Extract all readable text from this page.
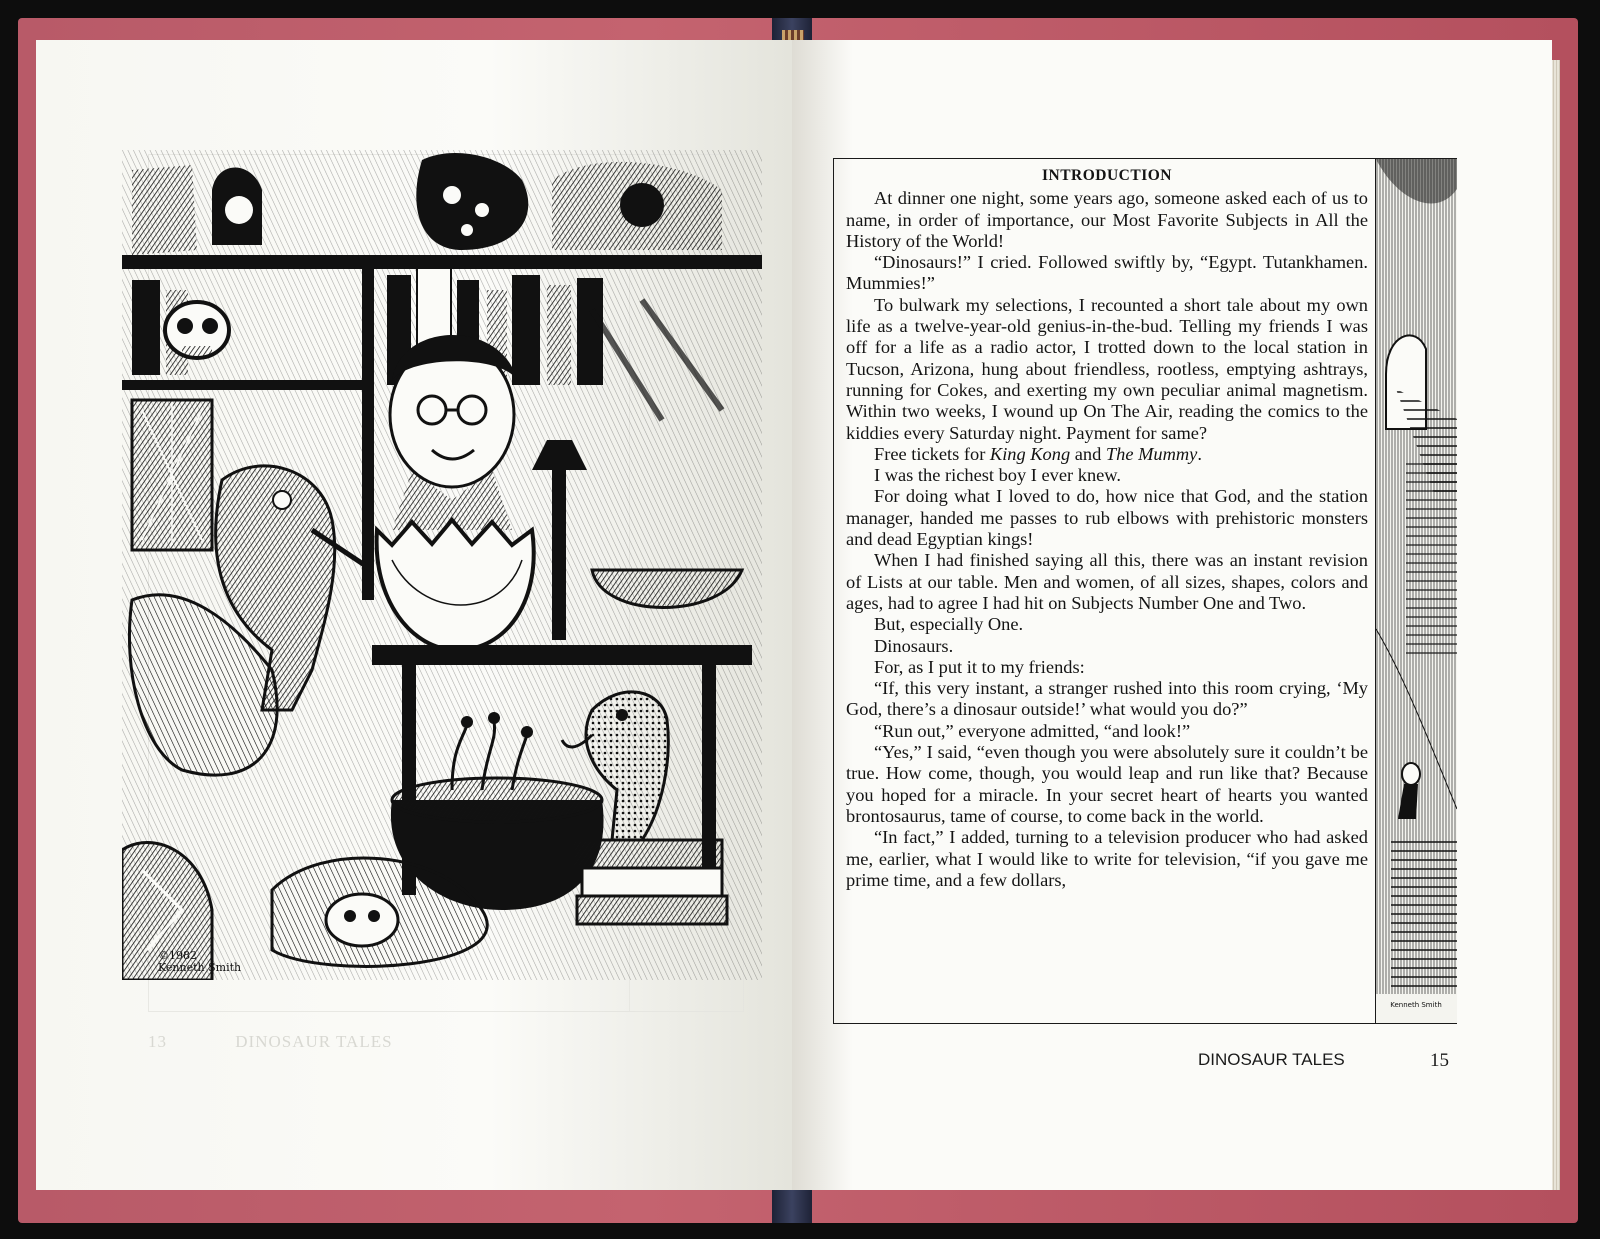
©1982
Kenneth Smith
13	DINOSAUR TALES
INTRODUCTION

At dinner one night, some years ago, someone asked each of us to name, in order of importance, our Most Favorite Subjects in All the History of the World!

“Dinosaurs!” I cried. Followed swiftly by, “Egypt. Tutankhamen. Mummies!”

To bulwark my selections, I recounted a short tale about my own life as a twelve-year-old genius-in-the-bud. Telling my friends I was off for a life as a radio actor, I trotted down to the local station in Tucson, Arizona, hung about friendless, rootless, emptying ashtrays, running for Cokes, and exerting my own peculiar animal magnetism. Within two weeks, I wound up On The Air, reading the comics to the kiddies every Saturday night. Payment for same?

Free tickets for King Kong and The Mummy.

I was the richest boy I ever knew.

For doing what I loved to do, how nice that God, and the station manager, handed me passes to rub elbows with prehistoric monsters and dead Egyptian kings!

When I had finished saying all this, there was an instant revision of Lists at our table. Men and women, of all sizes, shapes, colors and ages, had to agree I had hit on Subjects Number One and Two.

But, especially One.

Dinosaurs.

For, as I put it to my friends:

“If, this very instant, a stranger rushed into this room crying, ‘My God, there’s a dinosaur outside!’ what would you do?”

“Run out,” everyone admitted, “and look!”

“Yes,” I said, “even though you were absolutely sure it couldn’t be true. How come, though, you would leap and run like that? Because you hoped for a miracle. In your secret heart of hearts you wanted brontosaurus, tame of course, to come back in the world.

“In fact,” I added, turning to a television producer who had asked me, earlier, what I would like to write for television, “if you gave me prime time, and a few dollars,

Kenneth Smith
DINOSAUR TALES	15
